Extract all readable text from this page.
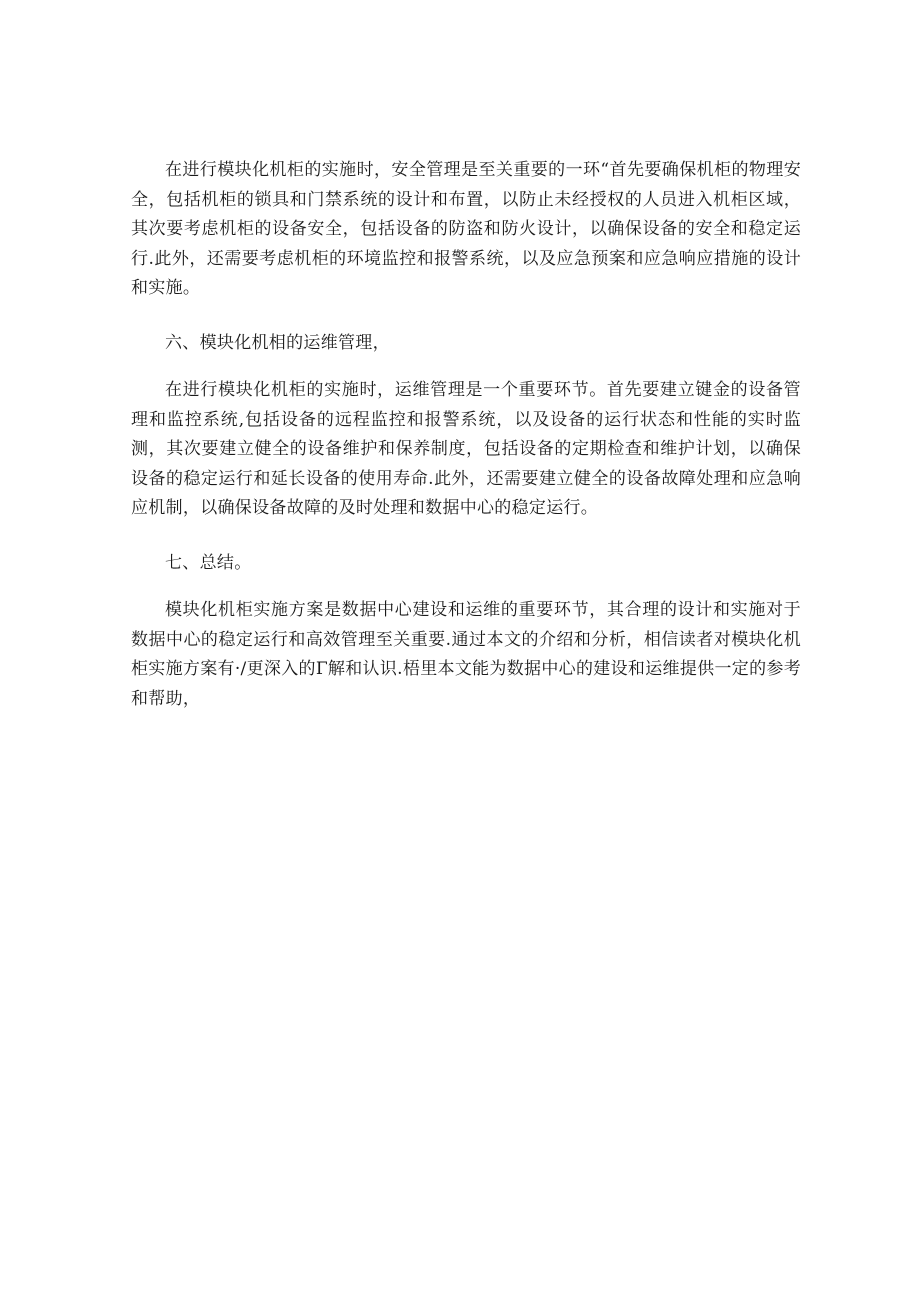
在进行模块化机柜的实施时，安全管理是至关重要的一环“首先要确保机柜的物理安全，包括机柜的锁具和门禁系统的设计和布置，以防止未经授权的人员进入机柜区域，其次要考虑机柜的设备安全，包括设备的防盗和防火设计，以确保设备的安全和稳定运行.此外，还需要考虑机柜的环境监控和报警系统，以及应急预案和应急响应措施的设计和实施。

六、模块化机相的运维管理，

在进行模块化机柜的实施时，运维管理是一个重要环节。首先要建立键金的设备管理和监控系统,包括设备的远程监控和报警系统，以及设备的运行状态和性能的实时监测，其次要建立健全的设备维护和保养制度，包括设备的定期检查和维护计划，以确保设备的稳定运行和延长设备的使用寿命.此外，还需要建立健全的设备故障处理和应急响应机制，以确保设备故障的及时处理和数据中心的稳定运行。

七、总结。

模块化机柜实施方案是数据中心建设和运维的重要环节，其合理的设计和实施对于数据中心的稳定运行和高效管理至关重要.通过本文的介绍和分析，相信读者对模块化机柜实施方案有·/更深入的Γ解和认识.梧里本文能为数据中心的建设和运维提供一定的参考和帮助，
